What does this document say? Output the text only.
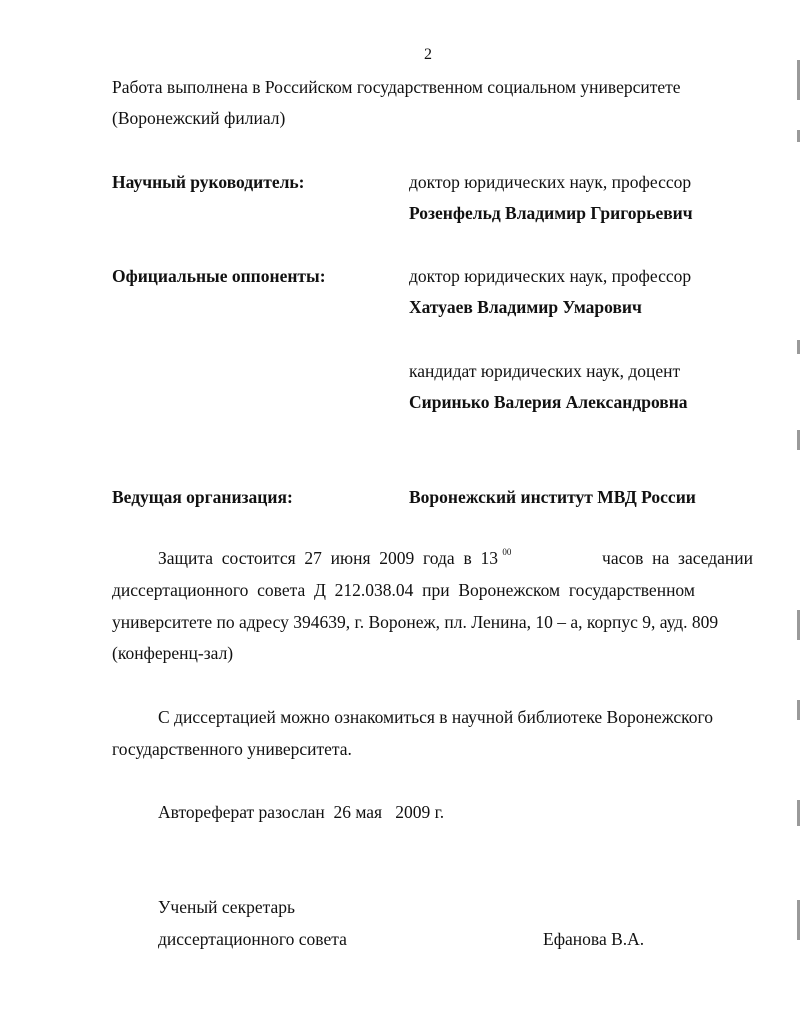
2
Работа выполнена в Российском государственном социальном университете
(Воронежский филиал)
Научный руководитель:	доктор юридических наук, профессор
Розенфельд Владимир Григорьевич
Официальные оппоненты:	доктор юридических наук, профессор
Хатуаев Владимир Умарович
кандидат юридических наук, доцент
Сиринько Валерия Александровна
Ведущая организация:	Воронежский институт МВД России
Защита  состоится  27  июня  2009  года  в  13 $^{00}$	часов  на  заседании
диссертационного  совета  Д  212.038.04  при  Воронежском  государственном
университете по адресу 394639, г. Воронеж, пл. Ленина, 10 – а, корпус 9, ауд. 809
(конференц-зал)
С диссертацией можно ознакомиться в научной библиотеке Воронежского
государственного университета.
Автореферат разослан  26 мая   2009 г.
Ученый секретарь
диссертационного совета	Ефанова В.А.
